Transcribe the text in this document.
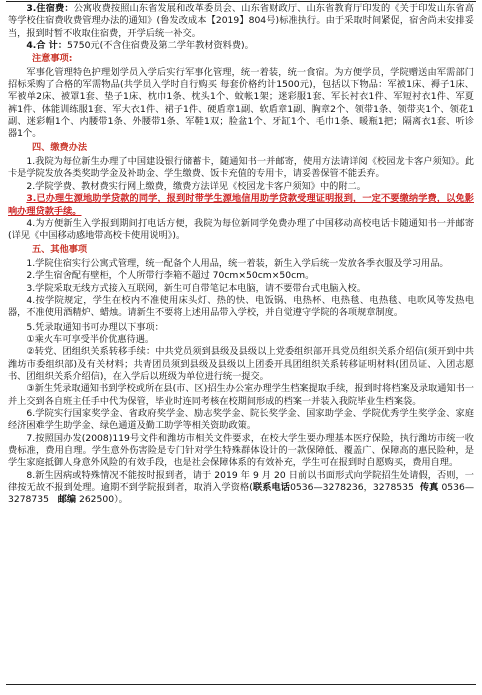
3.住宿费：公寓收费按照山东省发展和改革委员会、山东省财政厅、山东省教育厅印发的《关于印发山东省高等学校住宿费收费管理办法的通知》(鲁发改成本【2019】804号)标准执行。由于采取时间紧促，宿舍尚未安排妥当，报到时暂不收取住宿费，开学后统一补交。

4.合 计：5750元(不含住宿费及第二学年教材资料费)。

注意事项:

军事化管理特色护理划学员入学后实行军事化管理，统一着装，统一食宿。为方便学员，学院赠送由军需部门招标采购了合格的军需物品(共学员入学时自行购买 每套价格约计1500元)，包括以下物品：军被1床、褥子1床、军被单2床、被罩1套、垫子1床、枕巾1条、枕头1个、蚊帐1架；迷彩服1套、军长衬衣1件、军短衬衣1件、军夏裤1件、体能训练服1套、军大衣1件、裙子1件、硬盾章1副、软盾章1副、胸章2个、领带1条、领带夹1个、领花1副、迷彩帽1个、内腰带1条、外腰带1条、军鞋1双；脸盆1个、牙缸1个、毛巾1条、暖瓶1把；隔离衣1套、听诊器1个。

四、缴费办法

1.我院为每位新生办理了中国建设银行储蓄卡，随通知书一并邮寄，使用方法请详阅《校园龙卡客户须知》。此卡是学院发放各类奖助学金及补助金、学生缴费、饭卡充值的专用卡，请妥善保管不能丢弃。

2.学院学费、教材费实行网上缴费，缴费方法详见《校园龙卡客户须知》中的附二。

3.已办理生源地助学贷款的同学，报到时带学生源地信用助学贷款受理证明报到，一定不要缴纳学费，以免影响办理贷款手续。

4.为方便新生入学报到期间打电话方便，我院为每位新同学免费办理了中国移动高校电话卡随通知书一并邮寄(详见《中国移动感地带高校卡使用说明》)。

五、其他事项

1.学院住宿实行公寓式管理，统一配备个人用品，统一着装，新生入学后统一发放各季衣服及学习用品。

2.学生宿舍配有壁柜，个人所带行李箱不超过 70cm×50cm×50cm。

3.学院采取无线方式接入互联网，新生可自带笔记本电脑，请不要带台式电脑入校。

4.按学院规定，学生在校内不准使用床头灯、热的快、电饭锅、电热杯、电热毯、电热毯、电吹风等发热电器，不准使用酒精炉、蜡烛。请新生不要将上述用品带入学校，并自觉遵守学院的各项规章制度。

5.凭录取通知书可办理以下事项：

①乘火车可享受半价优惠待遇。

②转党、团组织关系转移手续：中共党员须到县级及县级以上党委组织部开具党员组织关系介绍信(须开到中共潍坊市委组织部)及有关材料；共青团员须到县级及县级以上团委开具团组织关系转移证明材料(团员证、入团志愿书、团组织关系介绍信)，在入学后以班级为单位进行统一提交。

③新生凭录取通知书到学校或所在县(市、区)招生办公室办理学生档案提取手续，报到时将档案及录取通知书一并上交到各自班主任手中代为保管，毕业时连同考核在校期间形成的档案一并装入我院毕业生档案袋。

6.学院实行国家奖学金、省政府奖学金、励志奖学金、院长奖学金、国家助学金、学院优秀学生奖学金、家庭经济困难学生助学金、绿色通道及勤工助学等相关资助政策。

7.按照国办发(2008)119号文件和潍坊市相关文件要求，在校大学生要办理基本医疗保险，执行潍坊市统一收费标准，费用自理。学生意外伤害险是专门针对学生特殊群体设计的一款保障低、覆盖广、保障高的惠民险种，是学生家庭抵御人身意外风险的有效手段，也是社会保障体系的有效补充，学生可在报到时自愿购买，费用自理。

8.新生因病或特殊情况不能按时报到者，请于 2019 年 9 月 20 日前以书面形式向学院招生处请假，否则，一律按无故不报到处理。逾期不到学院报到者，取消入学资格(联系电话0536—3278236，3278535 传真 0536—3278735 邮编 262500）。
